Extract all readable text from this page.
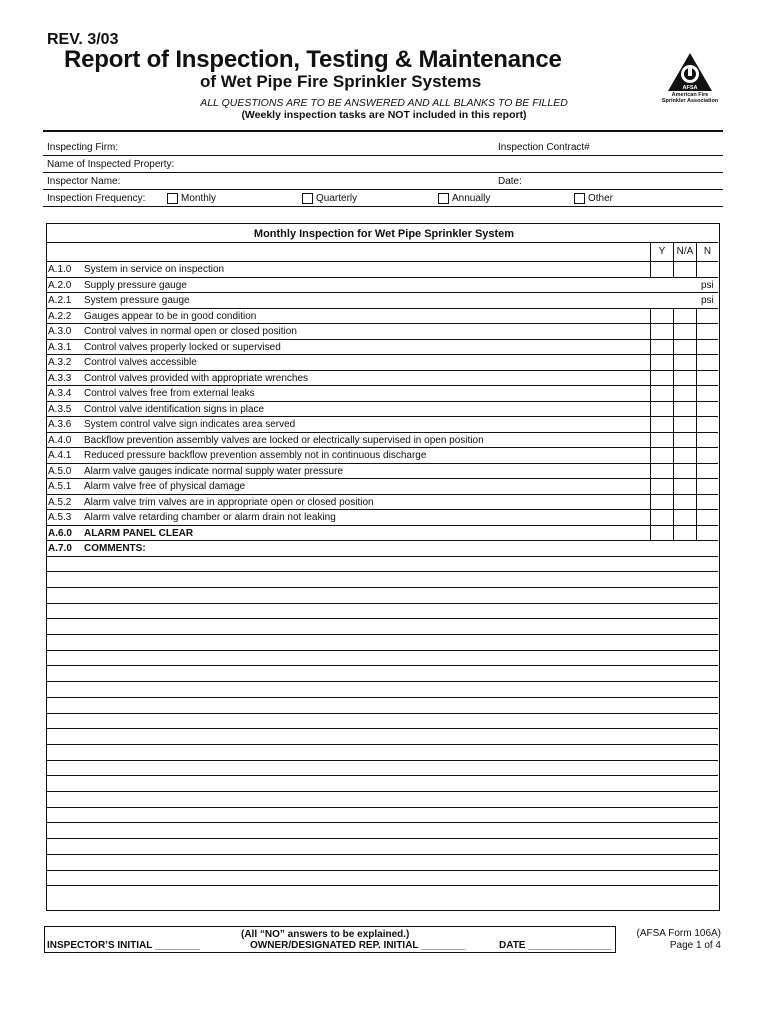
REV. 3/03
Report of Inspection, Testing & Maintenance
of Wet Pipe Fire Sprinkler Systems
ALL QUESTIONS ARE TO BE ANSWERED AND ALL BLANKS TO BE FILLED
(Weekly inspection tasks are NOT included in this report)
AFSA
American Fire
Sprinkler Association
Inspecting Firm:	Inspection Contract#
Name of Inspected Property:
Inspector Name:	Date:
Inspection Frequency:	Monthly	Quarterly	Annually	Other
Monthly Inspection for Wet Pipe Sprinkler System
Y	N/A	N
A.1.0 System in service on inspection
A.2.0 Supply pressure gauge	psi
A.2.1 System pressure gauge	psi
A.2.2 Gauges appear to be in good condition
A.3.0 Control valves in normal open or closed position
A.3.1 Control valves properly locked or supervised
A.3.2 Control valves accessible
A.3.3 Control valves provided with appropriate wrenches
A.3.4 Control valves free from external leaks
A.3.5 Control valve identification signs in place
A.3.6 System control valve sign indicates area served
A.4.0 Backflow prevention assembly valves are locked or electrically supervised in open position
A.4.1 Reduced pressure backflow prevention assembly not in continuous discharge
A.5.0 Alarm valve gauges indicate normal supply water pressure
A.5.1 Alarm valve free of physical damage
A.5.2 Alarm valve trim valves are in appropriate open or closed position
A.5.3 Alarm valve retarding chamber or alarm drain not leaking
A.6.0 ALARM PANEL CLEAR
A.7.0 COMMENTS:
(All “NO” answers to be explained.)
INSPECTOR’S INITIAL ________	OWNER/DESIGNATED REP. INITIAL ________	DATE _______________
(AFSA Form 106A)
Page 1 of 4
